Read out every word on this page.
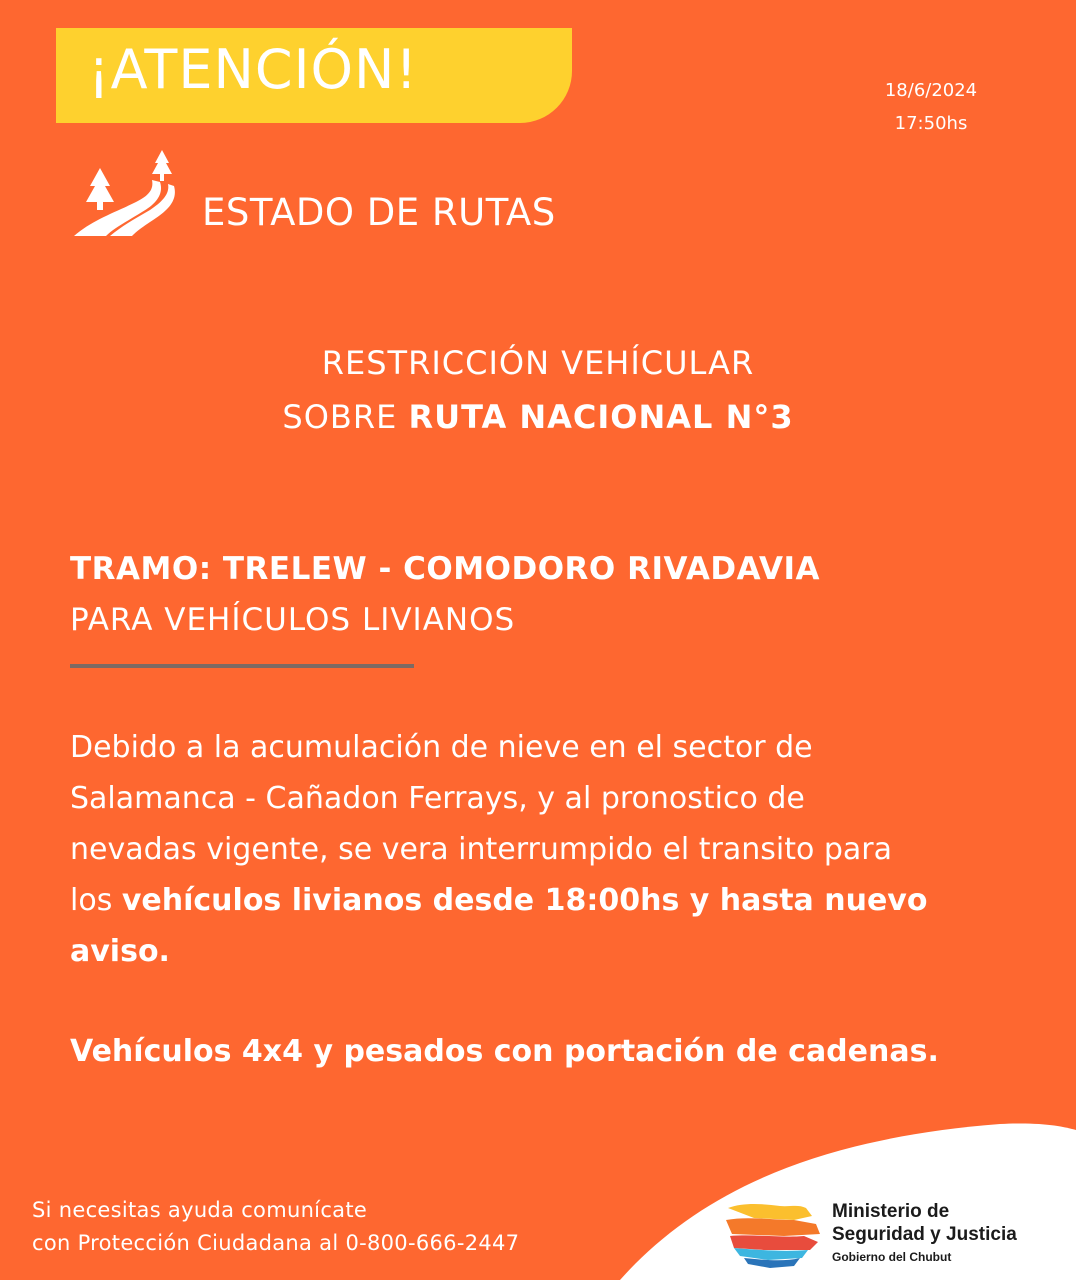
¡ATENCIÓN!	18/6/2024
17:50hs
ESTADO DE RUTAS
RESTRICCIÓN VEHÍCULAR
SOBRE RUTA NACIONAL N°3
TRAMO: TRELEW - COMODORO RIVADAVIA
PARA VEHÍCULOS LIVIANOS
Debido a la acumulación de nieve en el sector de
Salamanca - Cañadon Ferrays, y al pronostico de
nevadas vigente, se vera interrumpido el transito para
los vehículos livianos desde 18:00hs y hasta nuevo
aviso.
Vehículos 4x4 y pesados con portación de cadenas.
Si necesitas ayuda comunícate
con Protección Ciudadana al 0-800-666-2447
Ministerio de
Seguridad y Justicia
Gobierno del Chubut
